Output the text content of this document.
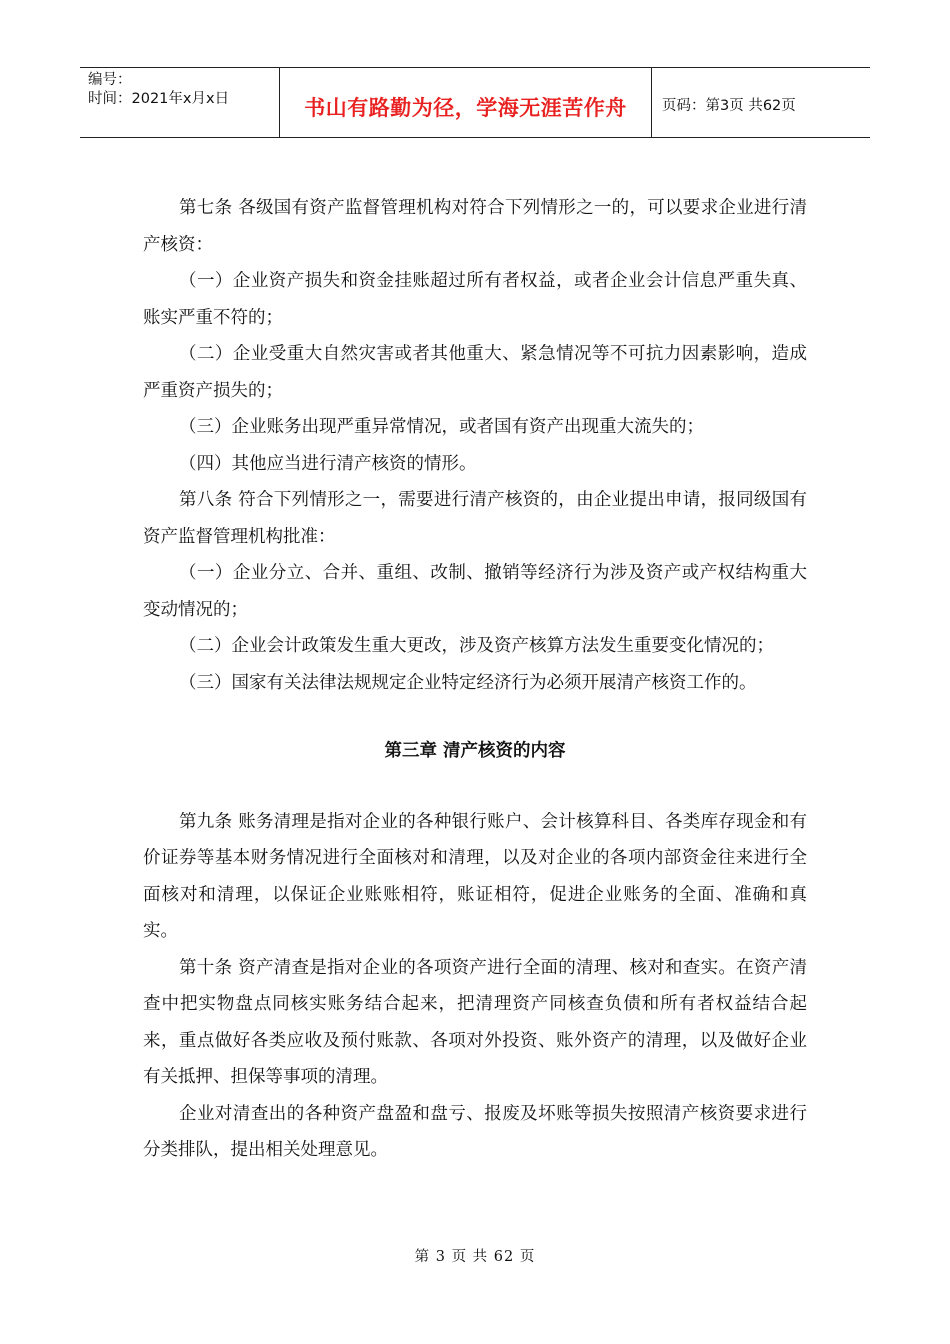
编号：
时间：2021年x月x日	书山有路勤为径，学海无涯苦作舟 页码：第3页 共62页

第七条 各级国有资产监督管理机构对符合下列情形之一的，可以要求企业进行清产核资：

（一）企业资产损失和资金挂账超过所有者权益，或者企业会计信息严重失真、账实严重不符的；

（二）企业受重大自然灾害或者其他重大、紧急情况等不可抗力因素影响，造成严重资产损失的；

（三）企业账务出现严重异常情况，或者国有资产出现重大流失的；

（四）其他应当进行清产核资的情形。

第八条 符合下列情形之一，需要进行清产核资的，由企业提出申请，报同级国有资产监督管理机构批准：

（一）企业分立、合并、重组、改制、撤销等经济行为涉及资产或产权结构重大变动情况的；

（二）企业会计政策发生重大更改，涉及资产核算方法发生重要变化情况的；

（三）国家有关法律法规规定企业特定经济行为必须开展清产核资工作的。

第三章 清产核资的内容

第九条 账务清理是指对企业的各种银行账户、会计核算科目、各类库存现金和有价证券等基本财务情况进行全面核对和清理，以及对企业的各项内部资金往来进行全面核对和清理，以保证企业账账相符，账证相符，促进企业账务的全面、准确和真实。

第十条 资产清查是指对企业的各项资产进行全面的清理、核对和查实。在资产清查中把实物盘点同核实账务结合起来，把清理资产同核查负债和所有者权益结合起来，重点做好各类应收及预付账款、各项对外投资、账外资产的清理，以及做好企业有关抵押、担保等事项的清理。

企业对清查出的各种资产盘盈和盘亏、报废及坏账等损失按照清产核资要求进行分类排队，提出相关处理意见。

第 3 页 共 62 页
